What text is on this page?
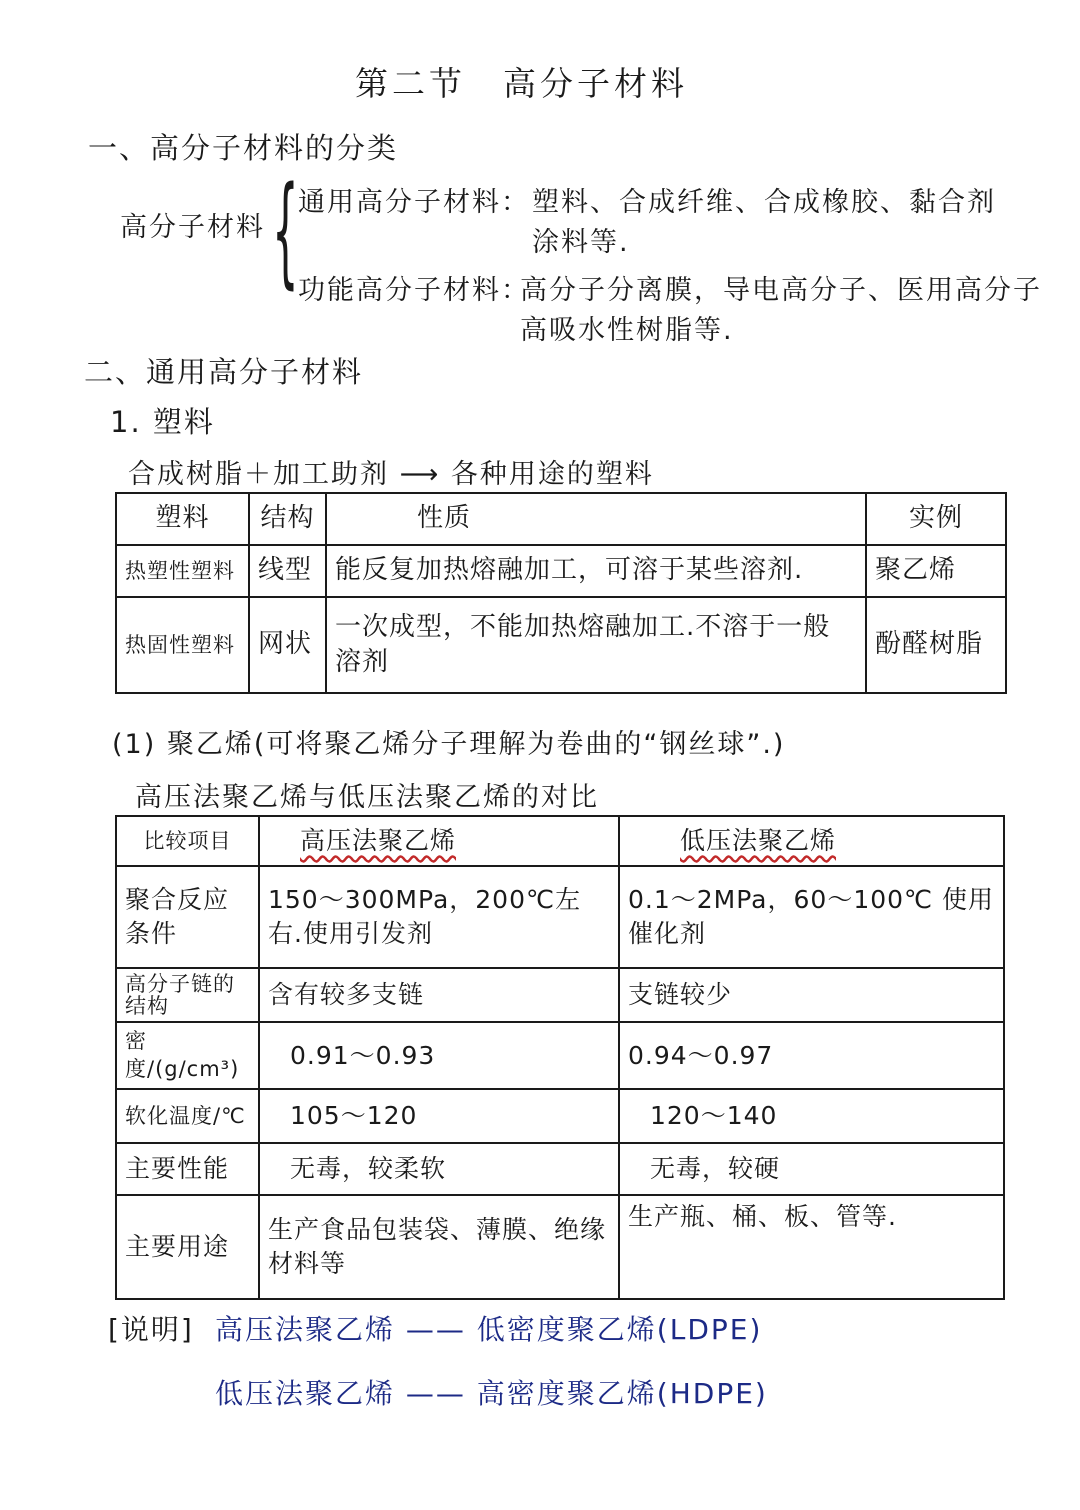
第二节　高分子材料
一、高分子材料的分类
高分子材料 { 通用高分子材料： 塑料、合成纤维、合成橡胶、黏合剂
涂料等.
功能高分子材料：
高分子分离膜，导电高分子、医用高分子
高吸水性树脂等.
二、通用高分子材料
1. 塑料
合成树脂＋加工助剂 ⟶ 各种用途的塑料
塑料	结构	性质	实例
热塑性塑料	线型	能反复加热熔融加工，可溶于某些溶剂.	聚乙烯
热固性塑料	网状	一次成型，不能加热熔融加工.不溶于一般溶剂	酚醛树脂
(1) 聚乙烯(可将聚乙烯分子理解为卷曲的“钢丝球”.)
高压法聚乙烯与低压法聚乙烯的对比
比较项目	高压法聚乙烯	低压法聚乙烯
聚合反应条件	150～300MPa，200℃左右.使用引发剂	0.1～2MPa，60～100℃ 使用催化剂
高分子链的结构	含有较多支链	支链较少
密度/(g/cm³)	0.91～0.93	0.94～0.97
软化温度/℃	105～120	120～140
主要性能	无毒，较柔软	无毒，较硬
主要用途	生产食品包装袋、薄膜、绝缘材料等	生产瓶、桶、板、管等.
[说明] 高压法聚乙烯 —— 低密度聚乙烯(LDPE)
低压法聚乙烯 —— 高密度聚乙烯(HDPE)
